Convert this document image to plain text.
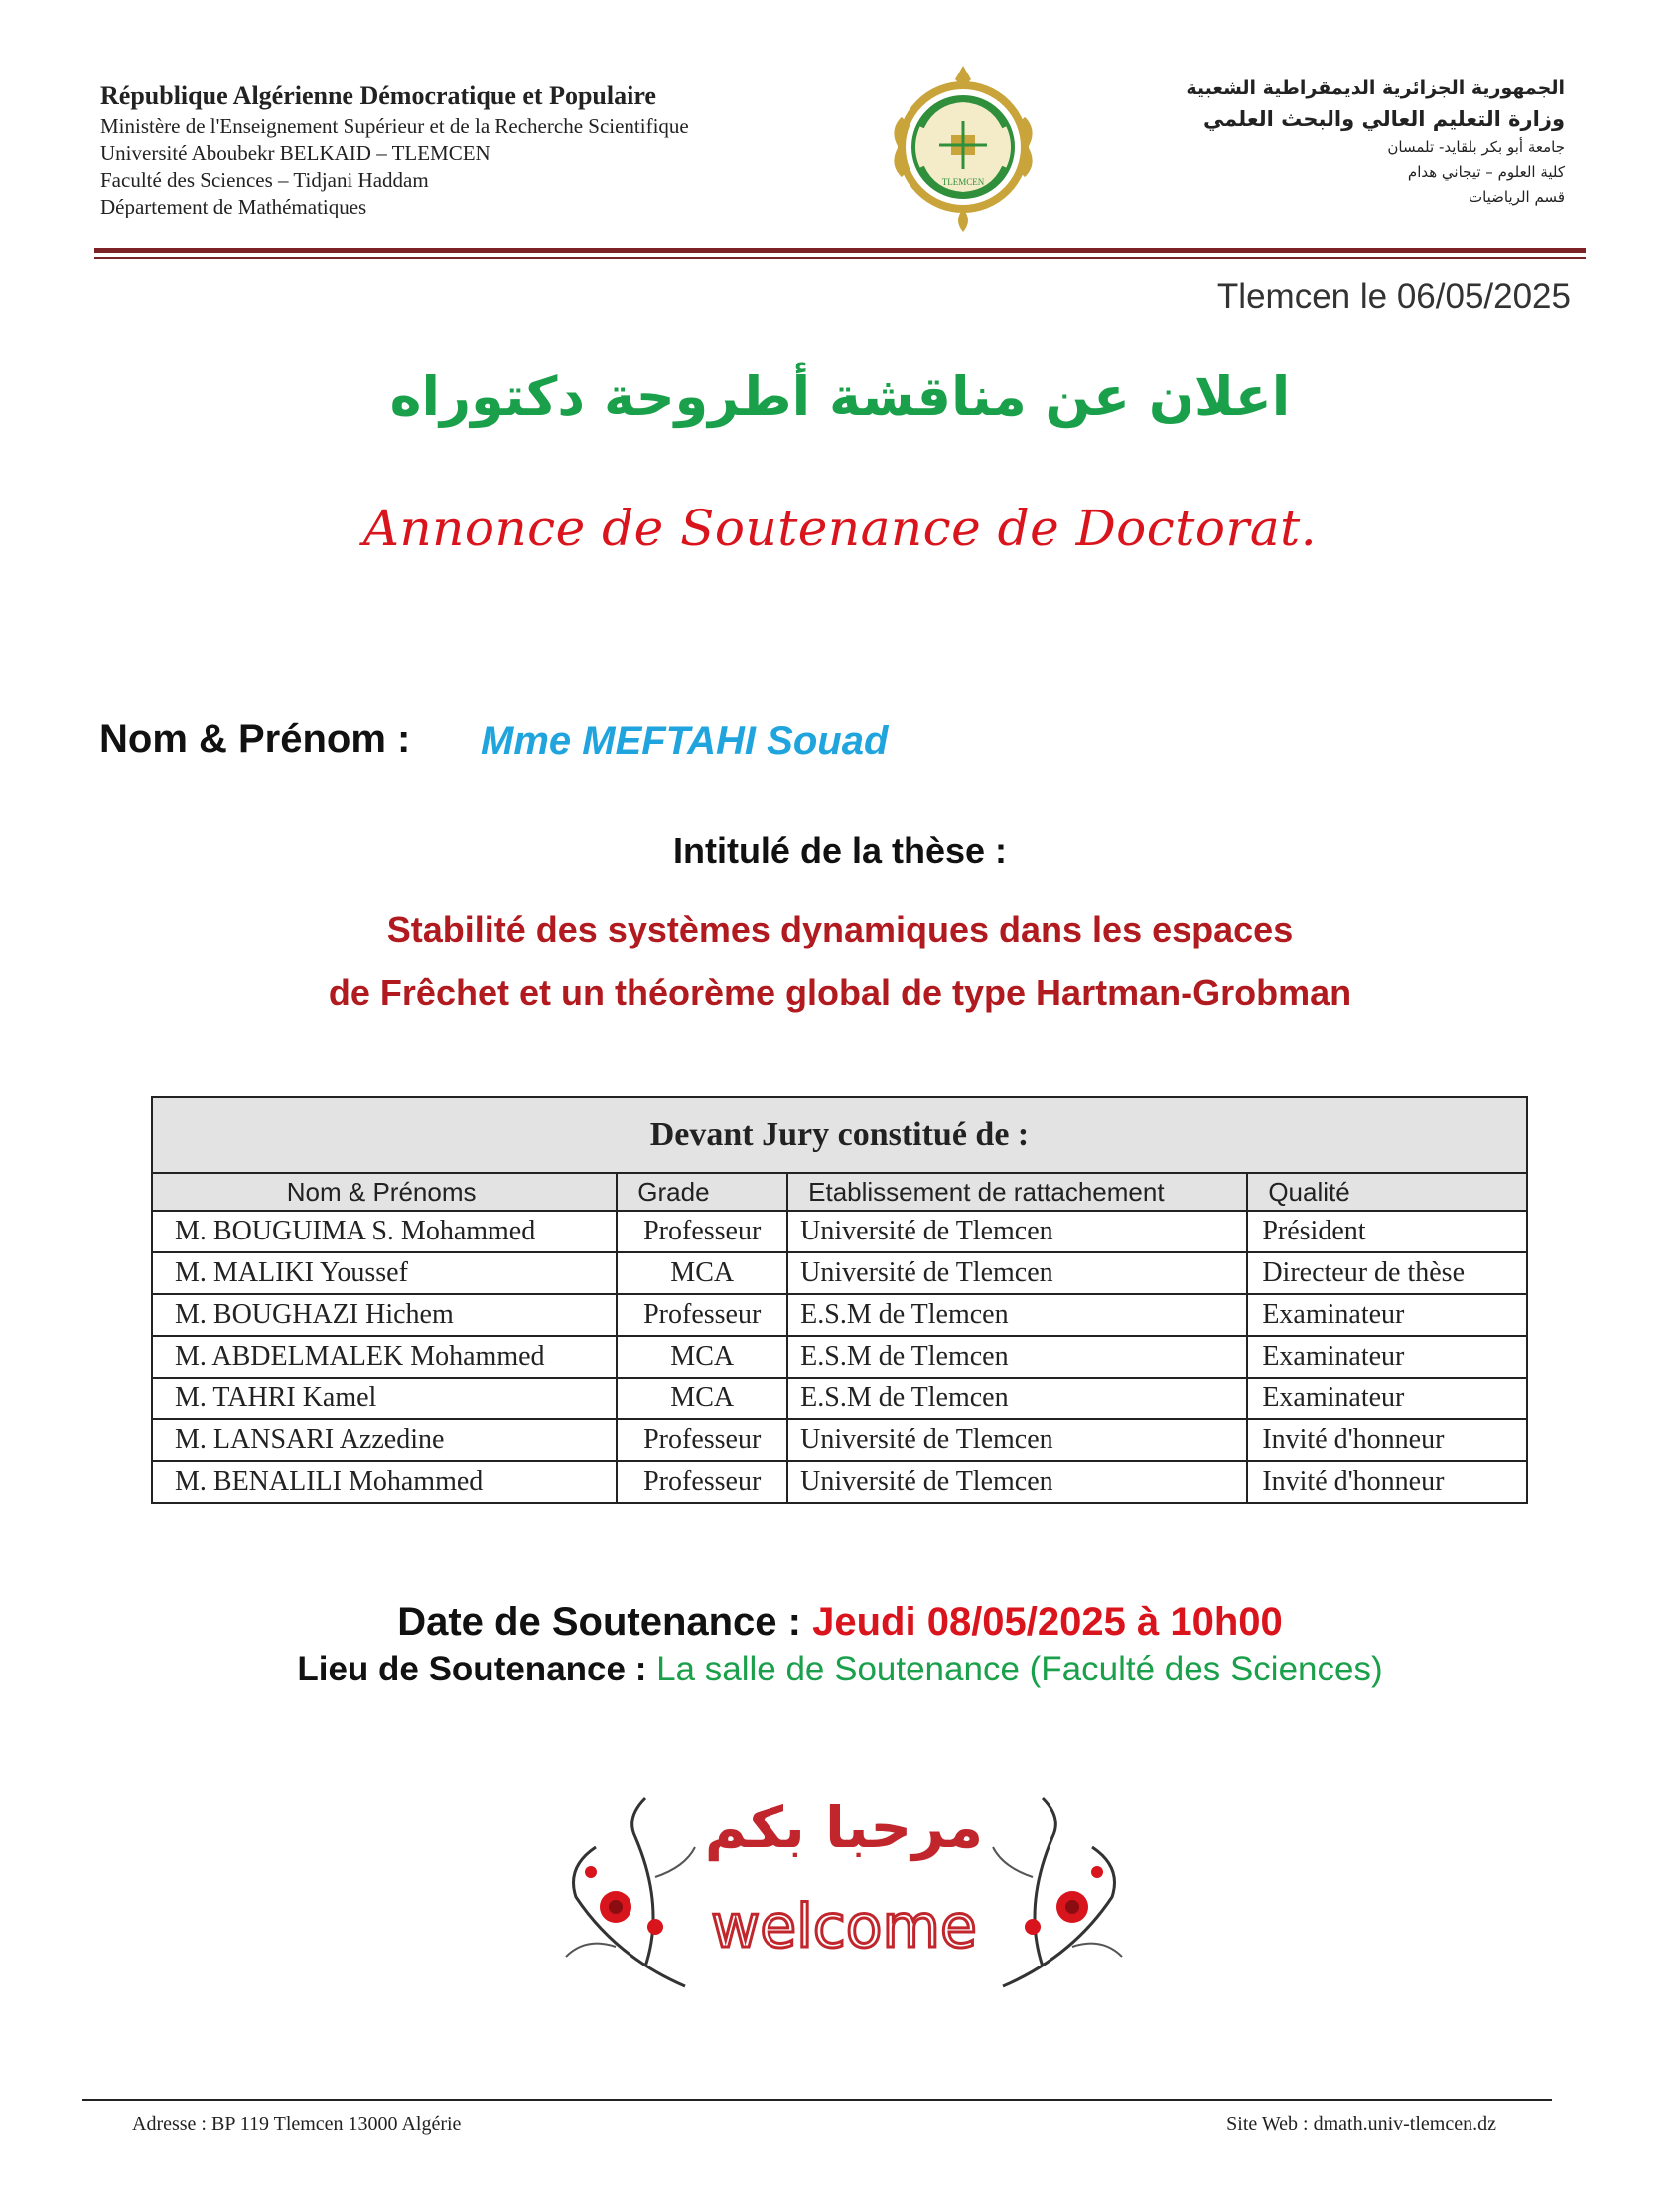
République Algérienne Démocratique et Populaire
Ministère de l'Enseignement Supérieur et de la Recherche Scientifique
Université Aboubekr BELKAID – TLEMCEN
Faculté des Sciences – Tidjani Haddam
Département de Mathématiques
TLEMCEN
الجمهورية الجزائرية الديمقراطية الشعبية
وزارة التعليم العالي والبحث العلمي
جامعة أبو بكر بلقايد- تلمسان
كلية العلوم – تيجاني هدام
قسم الرياضيات
Tlemcen le 06/05/2025
اعلان عن مناقشة أطروحة دكتوراه
Annonce de Soutenance de Doctorat.
Nom & Prénom : Mme MEFTAHI Souad
Intitulé de la thèse :
Stabilité des systèmes dynamiques dans les espaces
de Frêchet et un théorème global de type Hartman-Grobman
Devant Jury constitué de :			
Nom & Prénoms	Grade	Etablissement de rattachement	Qualité
M. BOUGUIMA S. Mohammed	Professeur	Université de Tlemcen	Président
M. MALIKI Youssef	MCA	Université de Tlemcen	Directeur de thèse
M. BOUGHAZI Hichem	Professeur	E.S.M de Tlemcen	Examinateur
M. ABDELMALEK Mohammed	MCA	E.S.M de Tlemcen	Examinateur
M. TAHRI Kamel	MCA	E.S.M de Tlemcen	Examinateur
M. LANSARI Azzedine	Professeur	Université de Tlemcen	Invité d'honneur
M. BENALILI Mohammed	Professeur	Université de Tlemcen	Invité d'honneur
Date de Soutenance : Jeudi 08/05/2025 à 10h00
Lieu de Soutenance : La salle de Soutenance (Faculté des Sciences)
مرحبا بكم
welcome
Adresse : BP 119 Tlemcen 13000 Algérie	Site Web : dmath.univ-tlemcen.dz
